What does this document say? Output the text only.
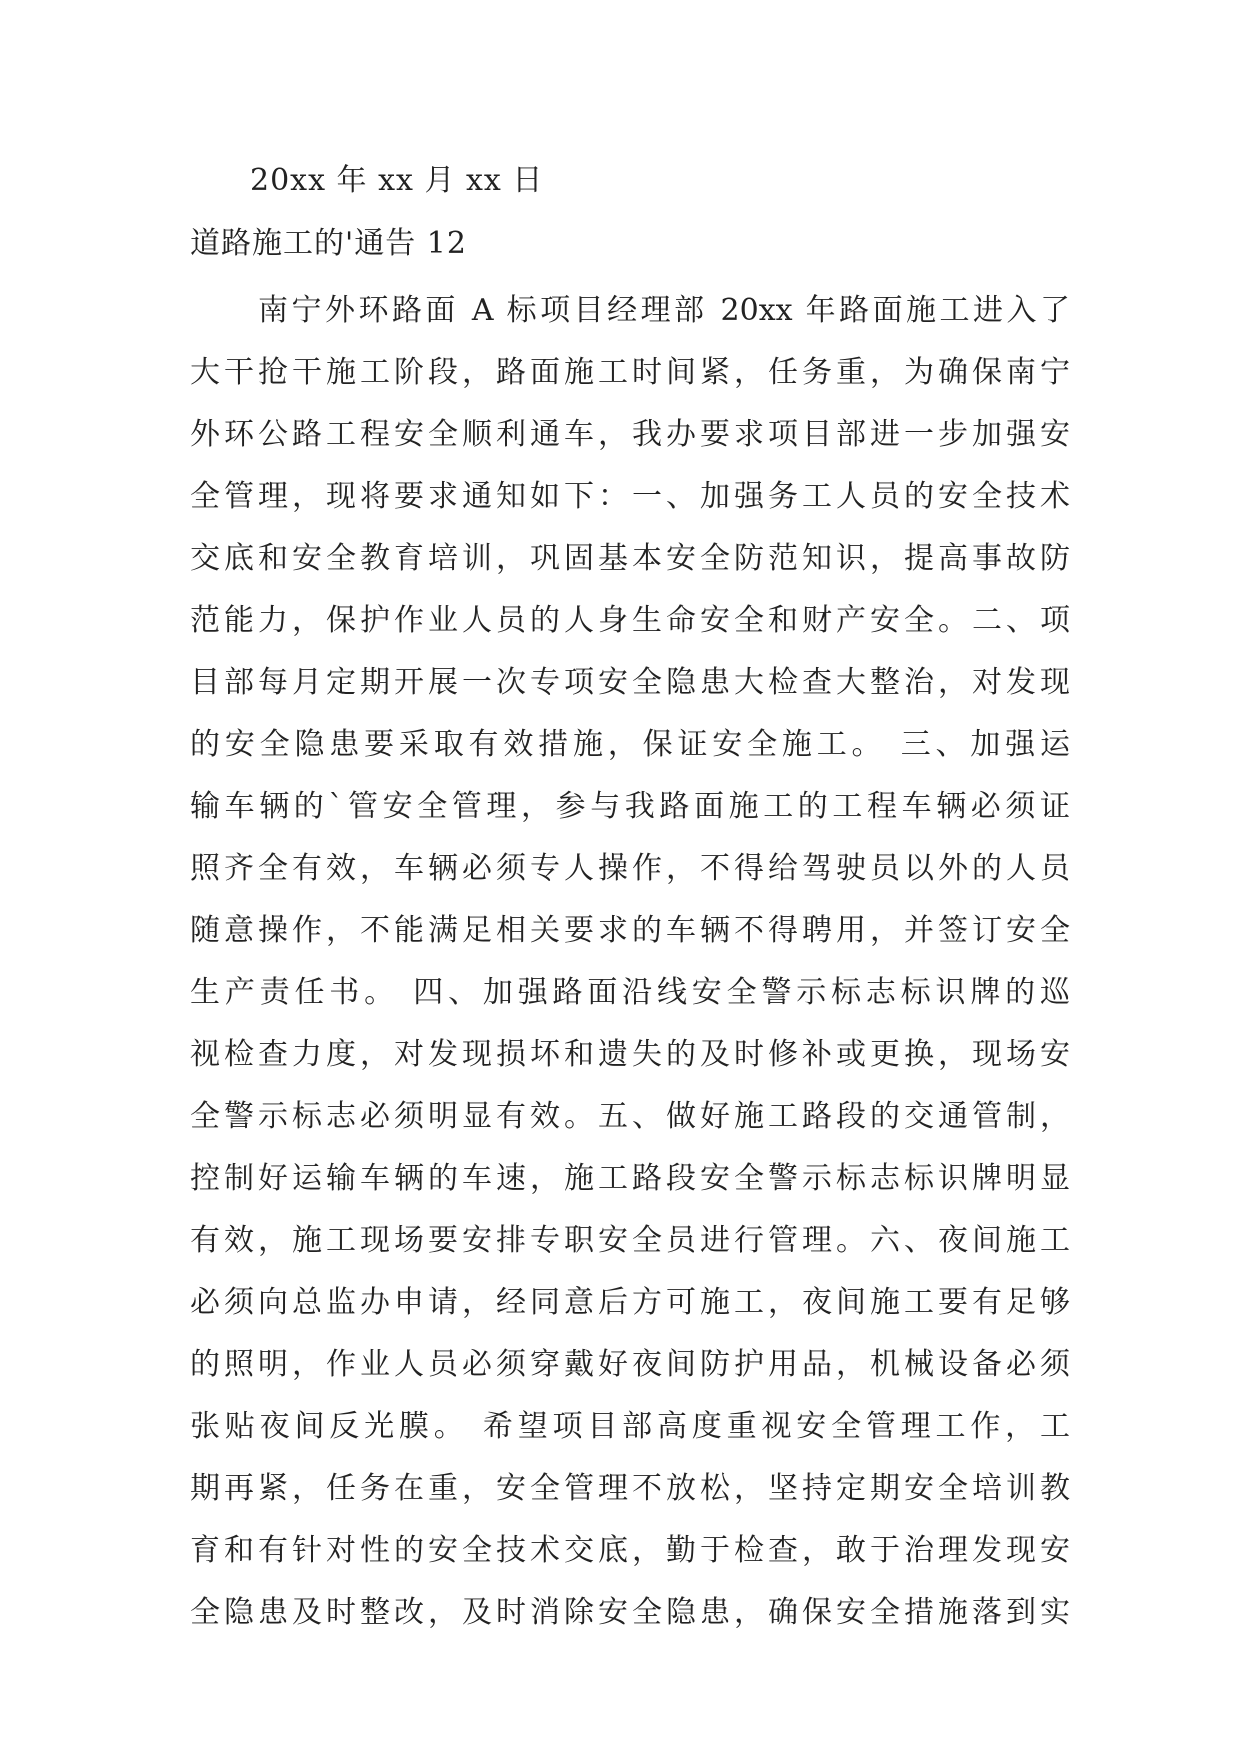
20xx 年 xx 月 xx 日
道路施工的'通告 12
南宁外环路面 A 标项目经理部 20xx 年路面施工进入了
大干抢干施工阶段，路面施工时间紧，任务重，为确保南宁
外环公路工程安全顺利通车，我办要求项目部进一步加强安
全管理，现将要求通知如下：一、加强务工人员的安全技术
交底和安全教育培训，巩固基本安全防范知识，提高事故防
范能力，保护作业人员的人身生命安全和财产安全。二、项
目部每月定期开展一次专项安全隐患大检查大整治，对发现
的安全隐患要采取有效措施，保证安全施工。 三、加强运
输车辆的`管安全管理，参与我路面施工的工程车辆必须证
照齐全有效，车辆必须专人操作，不得给驾驶员以外的人员
随意操作，不能满足相关要求的车辆不得聘用，并签订安全
生产责任书。 四、加强路面沿线安全警示标志标识牌的巡
视检查力度，对发现损坏和遗失的及时修补或更换，现场安
全警示标志必须明显有效。五、做好施工路段的交通管制，
控制好运输车辆的车速，施工路段安全警示标志标识牌明显
有效，施工现场要安排专职安全员进行管理。六、夜间施工
必须向总监办申请，经同意后方可施工，夜间施工要有足够
的照明，作业人员必须穿戴好夜间防护用品，机械设备必须
张贴夜间反光膜。 希望项目部高度重视安全管理工作，工
期再紧，任务在重，安全管理不放松，坚持定期安全培训教
育和有针对性的安全技术交底，勤于检查，敢于治理发现安
全隐患及时整改，及时消除安全隐患，确保安全措施落到实
